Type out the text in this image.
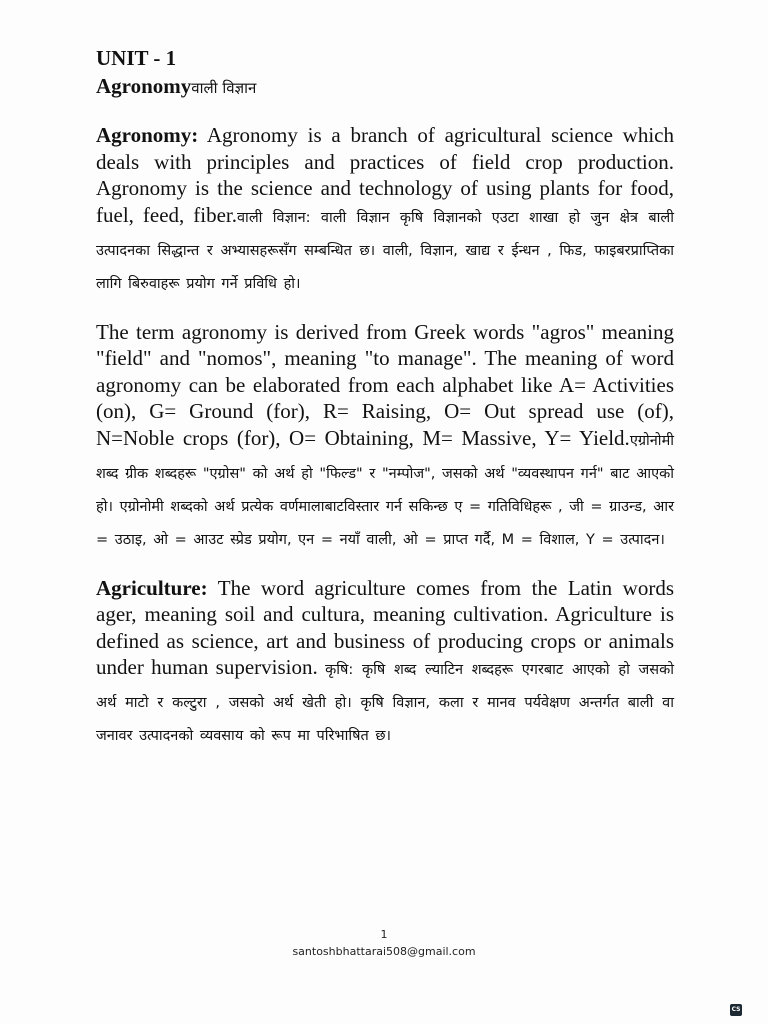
UNIT - 1

Agronomyवाली विज्ञान

Agronomy: Agronomy is a branch of agricultural science which deals with principles and practices of field crop production. Agronomy is the science and technology of using plants for food, fuel, feed, fiber.वाली विज्ञान: वाली विज्ञान कृषि विज्ञानको एउटा शाखा हो जुन क्षेत्र बाली उत्पादनका सिद्धान्त र अभ्यासहरूसँग सम्बन्धित छ। वाली, विज्ञान, खाद्य र ईन्धन , फिड, फाइबरप्राप्तिका लागि बिरुवाहरू प्रयोग गर्ने प्रविधि हो।
The term agronomy is derived from Greek words "agros" meaning "field" and "nomos", meaning "to manage". The meaning of word agronomy can be elaborated from each alphabet like A= Activities (on), G= Ground (for), R= Raising, O= Out spread use (of), N=Noble crops (for), O= Obtaining, M= Massive, Y= Yield.एग्रोनोमी शब्द ग्रीक शब्दहरू "एग्रोस" को अर्थ हो "फिल्ड" र "नम्पोज", जसको अर्थ "व्यवस्थापन गर्न" बाट आएको हो। एग्रोनोमी शब्दको अर्थ प्रत्येक वर्णमालाबाटविस्तार गर्न सकिन्छ ए = गतिविधिहरू , जी = ग्राउन्ड, आर = उठाइ, ओ = आउट स्प्रेड प्रयोग, एन = नयाँ वाली, ओ = प्राप्त गर्दै, M = विशाल, Y = उत्पादन।
Agriculture: The word agriculture comes from the Latin words ager, meaning soil and cultura, meaning cultivation. Agriculture is defined as science, art and business of producing crops or animals under human supervision. कृषि: कृषि शब्द ल्याटिन शब्दहरू एगरबाट आएको हो जसको अर्थ माटो र कल्टुरा , जसको अर्थ खेती हो। कृषि विज्ञान, कला र मानव पर्यवेक्षण अन्तर्गत बाली वा जनावर उत्पादनको व्यवसाय को रूप मा परिभाषित छ।
1
santoshbhattarai508@gmail.com
CS
